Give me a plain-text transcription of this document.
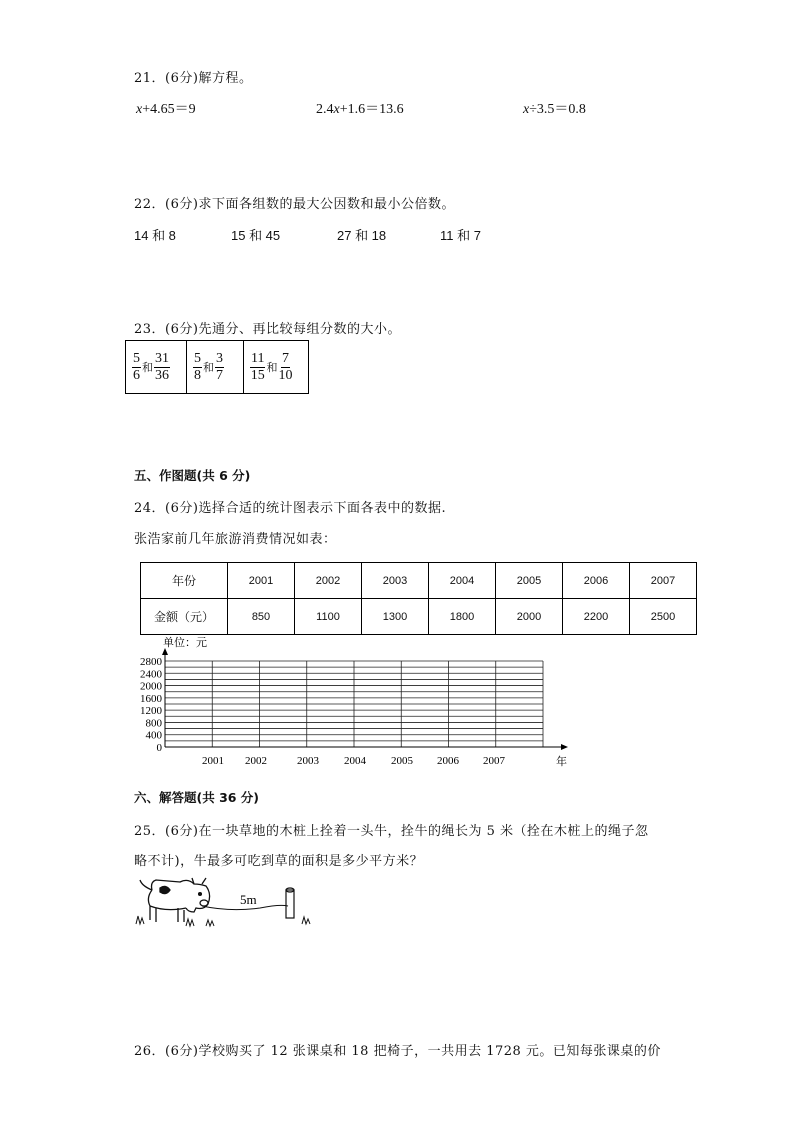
21．(6分)解方程。
x+4.65＝9	2.4x+1.6＝13.6	x÷3.5＝0.8
22．(6分)求下面各组数的最大公因数和最小公倍数。
14 和 8	15 和 45	27 和 18	11 和 7
23．(6分)先通分、再比较每组分数的大小。
$\frac{5}{6}$ 和 $\frac{31}{36}$	$\frac{5}{8}$ 和 $\frac{3}{7}$	$\frac{11}{15}$ 和 $\frac{7}{10}$
五、作图题(共 6 分)
24．(6分)选择合适的统计图表示下面各表中的数据.
张浩家前几年旅游消费情况如表：
年份	2001	2002	2003	2004	2005	2006	2007
金额（元）	850	1100	1300	1800	2000	2200	2500
单位：元
年
0
400
800
1200
1600
2000
2400
2800
2001 2002	2003 2004 2005 2006 2007
六、解答题(共 36 分)
25．(6分)在一块草地的木桩上拴着一头牛，拴牛的绳长为 5 米（拴在木桩上的绳子忽
略不计)，牛最多可吃到草的面积是多少平方米？
5m
26．(6分)学校购买了 12 张课桌和 18 把椅子，一共用去 1728 元。已知每张课桌的价
